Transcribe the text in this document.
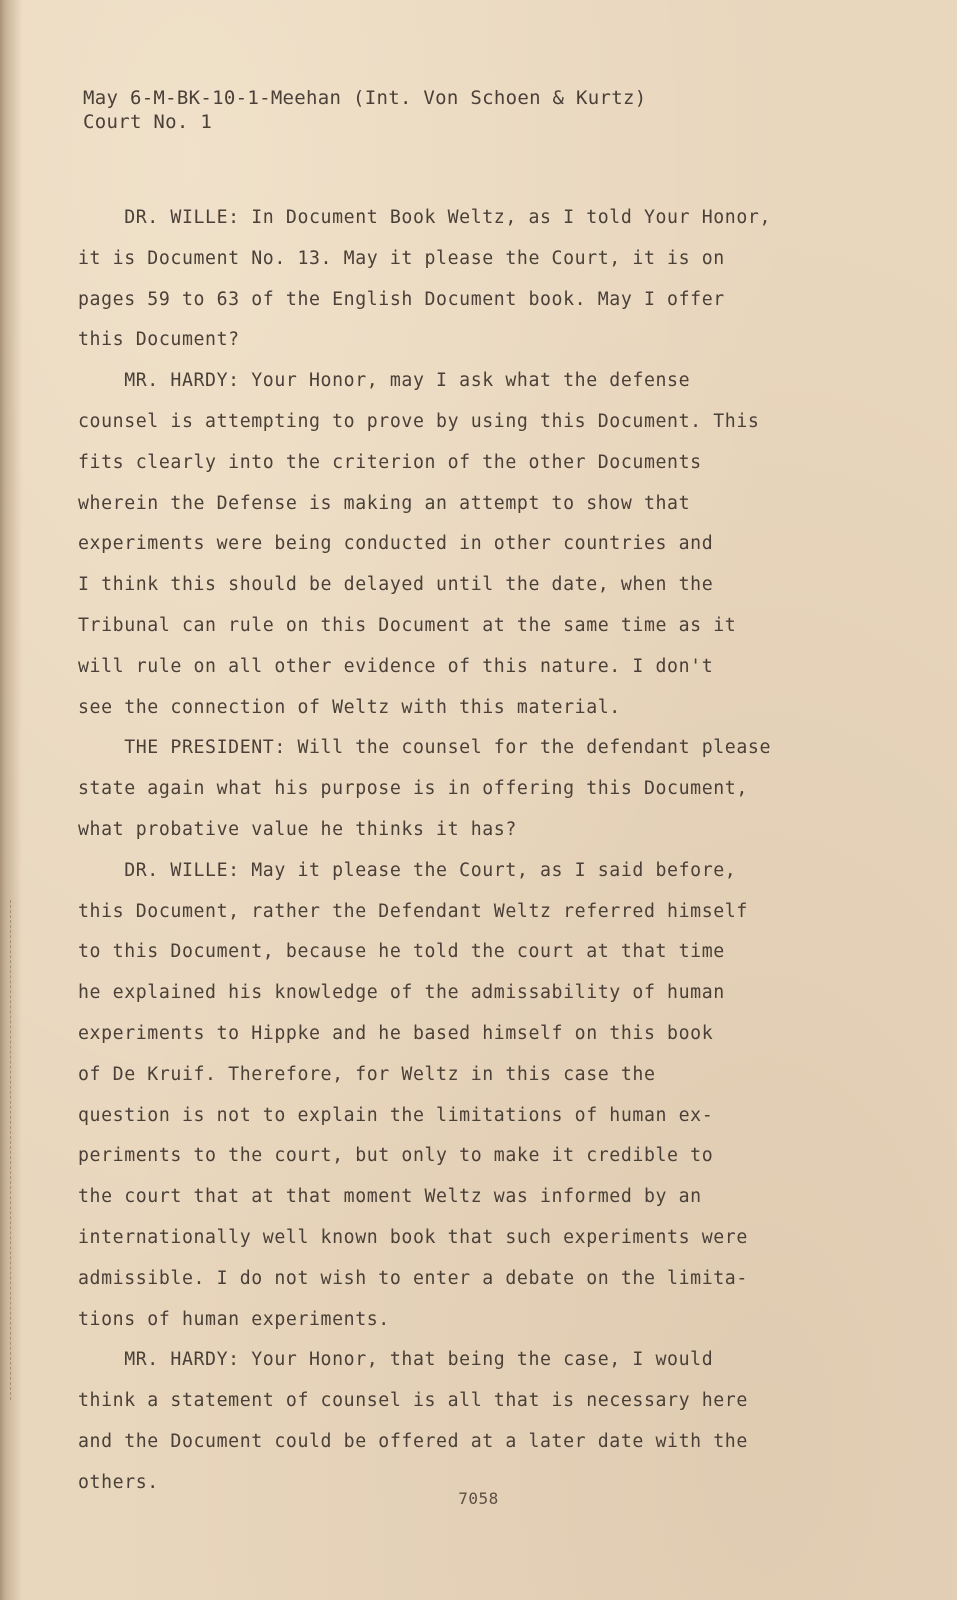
May 6-M-BK-10-1-Meehan (Int. Von Schoen & Kurtz)
Court No. 1
DR. WILLE: In Document Book Weltz, as I told Your Honor,
it is Document No. 13. May it please the Court, it is on
pages 59 to 63 of the English Document book. May I offer
this Document?
MR. HARDY: Your Honor, may I ask what the defense
counsel is attempting to prove by using this Document. This
fits clearly into the criterion of the other Documents
wherein the Defense is making an attempt to show that
experiments were being conducted in other countries and
I think this should be delayed until the date, when the
Tribunal can rule on this Document at the same time as it
will rule on all other evidence of this nature. I don't
see the connection of Weltz with this material.
THE PRESIDENT: Will the counsel for the defendant please
state again what his purpose is in offering this Document,
what probative value he thinks it has?
DR. WILLE: May it please the Court, as I said before,
this Document, rather the Defendant Weltz referred himself
to this Document, because he told the court at that time
he explained his knowledge of the admissability of human
experiments to Hippke and he based himself on this book
of De Kruif. Therefore, for Weltz in this case the
question is not to explain the limitations of human ex-
periments to the court, but only to make it credible to
the court that at that moment Weltz was informed by an
internationally well known book that such experiments were
admissible. I do not wish to enter a debate on the limita-
tions of human experiments.
MR. HARDY: Your Honor, that being the case, I would
think a statement of counsel is all that is necessary here
and the Document could be offered at a later date with the
others.
7058
